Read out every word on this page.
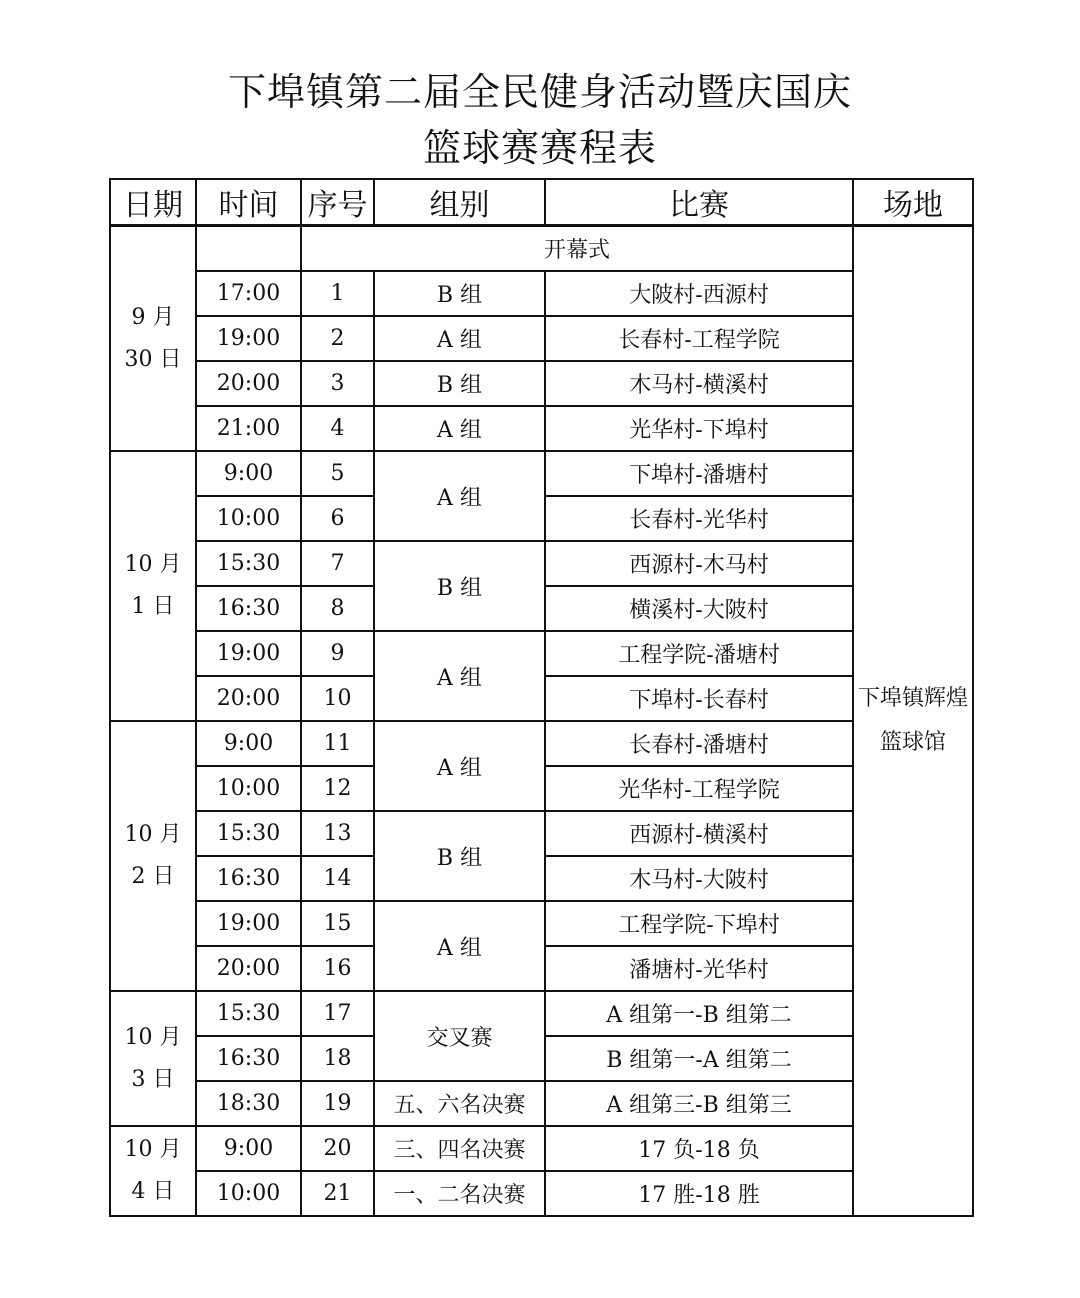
下埠镇第二届全民健身活动暨庆国庆
篮球赛赛程表
日期	时间	序号	组别	比赛	场地

9 月
30 日		开幕式			下埠镇辉煌篮球馆
	17:00	1	B 组	大陂村-西源村	
	19:00	2	A 组	长春村-工程学院	
	20:00	3	B 组	木马村-横溪村	
	21:00	4	A 组	光华村-下埠村	

10 月
1 日	9:00	5	A 组	下埠村-潘塘村	
	10:00	6		长春村-光华村	
	15:30	7	B 组	西源村-木马村	
	16:30	8		横溪村-大陂村	
	19:00	9	A 组	工程学院-潘塘村	
	20:00	10		下埠村-长春村	

10 月
2 日	9:00	11	A 组	长春村-潘塘村	
	10:00	12		光华村-工程学院	
	15:30	13	B 组	西源村-横溪村	
	16:30	14		木马村-大陂村	
	19:00	15	A 组	工程学院-下埠村	
	20:00	16		潘塘村-光华村	

10 月
3 日	15:30	17	交叉赛	A 组第一-B 组第二	
	16:30	18		B 组第一-A 组第二	
	18:30	19	五、六名决赛	A 组第三-B 组第三	

10 月
4 日	9:00	20	三、四名决赛	17 负-18 负	
	10:00	21	一、二名决赛	17 胜-18 胜	
